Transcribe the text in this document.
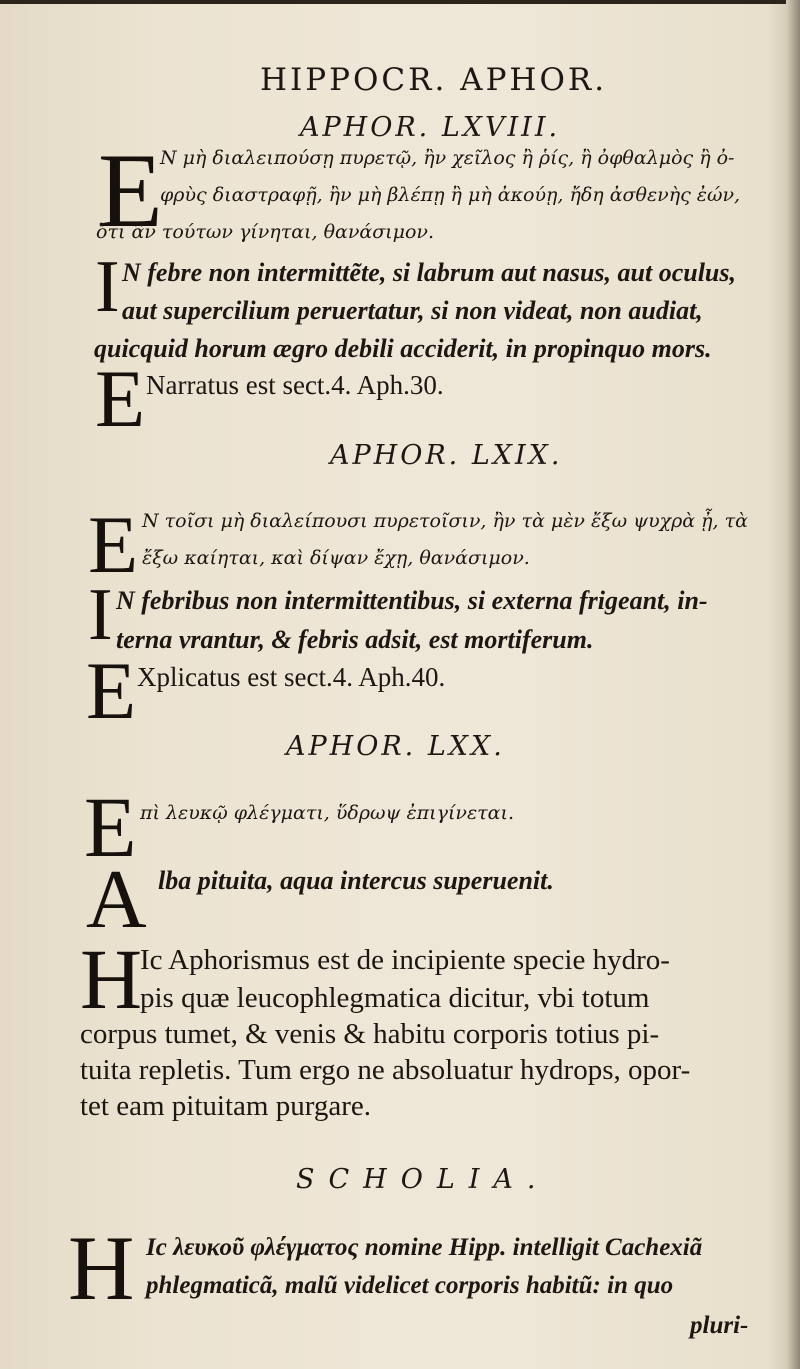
HIPPOCR. APHOR.
APHOR. LXVIII.
E
N μὴ διαλειπούσῃ πυρετῷ, ἢν χεῖλος ἢ ῥίς, ἢ ὀφθαλμὸς ἢ ὀ-
φρὺς διαστραφῇ, ἢν μὴ βλέπῃ ἢ μὴ ἀκούῃ, ἤδη ἀσθενὴς ἐών,
ὅτι ἂν τούτων γίνηται, θανάσιμον.
I N febre non intermittẽte, si labrum aut nasus, aut oculus,
aut supercilium peruertatur, si non videat, non audiat,
quicquid horum ægro debili acciderit, in propinquo mors.
E Narratus est sect.4. Aph.30.
APHOR. LXIX.
E N τοῖσι μὴ διαλείπουσι πυρετοῖσιν, ἢν τὰ μὲν ἔξω ψυχρὰ ᾖ, τὰ
ἔξω καίηται, καὶ δίψαν ἔχῃ, θανάσιμον.
I N febribus non intermittentibus, si externa frigeant, in-
terna vrantur, & febris adsit, est mortiferum.
E Xplicatus est sect.4. Aph.40.
APHOR. LXX.
E πὶ λευκῷ φλέγματι, ὕδρωψ ἐπιγίνεται.
A lba pituita, aqua intercus superuenit.
H
Ic Aphorismus est de incipiente specie hydro-
pis quæ leucophlegmatica dicitur, vbi totum
corpus tumet, & venis & habitu corporis totius pi-
tuita repletis. Tum ergo ne absoluatur hydrops, opor-
tet eam pituitam purgare.
SCHOLIA.
H Ic λευκοῦ φλέγματος nomine Hipp. intelligit Cachexiã
phlegmaticã, malũ videlicet corporis habitũ: in quo
pluri-
